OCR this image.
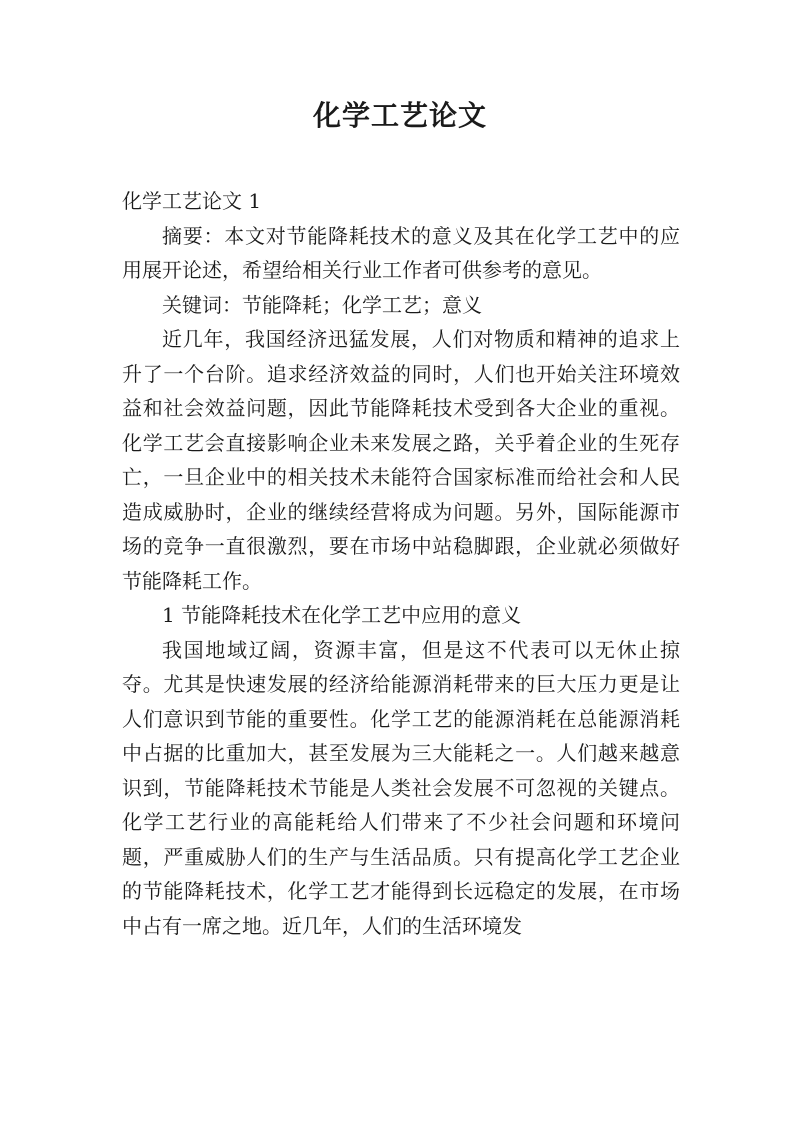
化学工艺论文

化学工艺论文 1

摘要：本文对节能降耗技术的意义及其在化学工艺中的应用展开论述，希望给相关行业工作者可供参考的意见。

关键词：节能降耗；化学工艺；意义

近几年，我国经济迅猛发展，人们对物质和精神的追求上升了一个台阶。追求经济效益的同时，人们也开始关注环境效益和社会效益问题，因此节能降耗技术受到各大企业的重视。化学工艺会直接影响企业未来发展之路，关乎着企业的生死存亡，一旦企业中的相关技术未能符合国家标准而给社会和人民造成威胁时，企业的继续经营将成为问题。另外，国际能源市场的竞争一直很激烈，要在市场中站稳脚跟，企业就必须做好节能降耗工作。

1 节能降耗技术在化学工艺中应用的意义

我国地域辽阔，资源丰富，但是这不代表可以无休止掠夺。尤其是快速发展的经济给能源消耗带来的巨大压力更是让人们意识到节能的重要性。化学工艺的能源消耗在总能源消耗中占据的比重加大，甚至发展为三大能耗之一。人们越来越意识到，节能降耗技术节能是人类社会发展不可忽视的关键点。化学工艺行业的高能耗给人们带来了不少社会问题和环境问题，严重威胁人们的生产与生活品质。只有提高化学工艺企业的节能降耗技术，化学工艺才能得到长远稳定的发展，在市场中占有一席之地。近几年，人们的生活环境发
